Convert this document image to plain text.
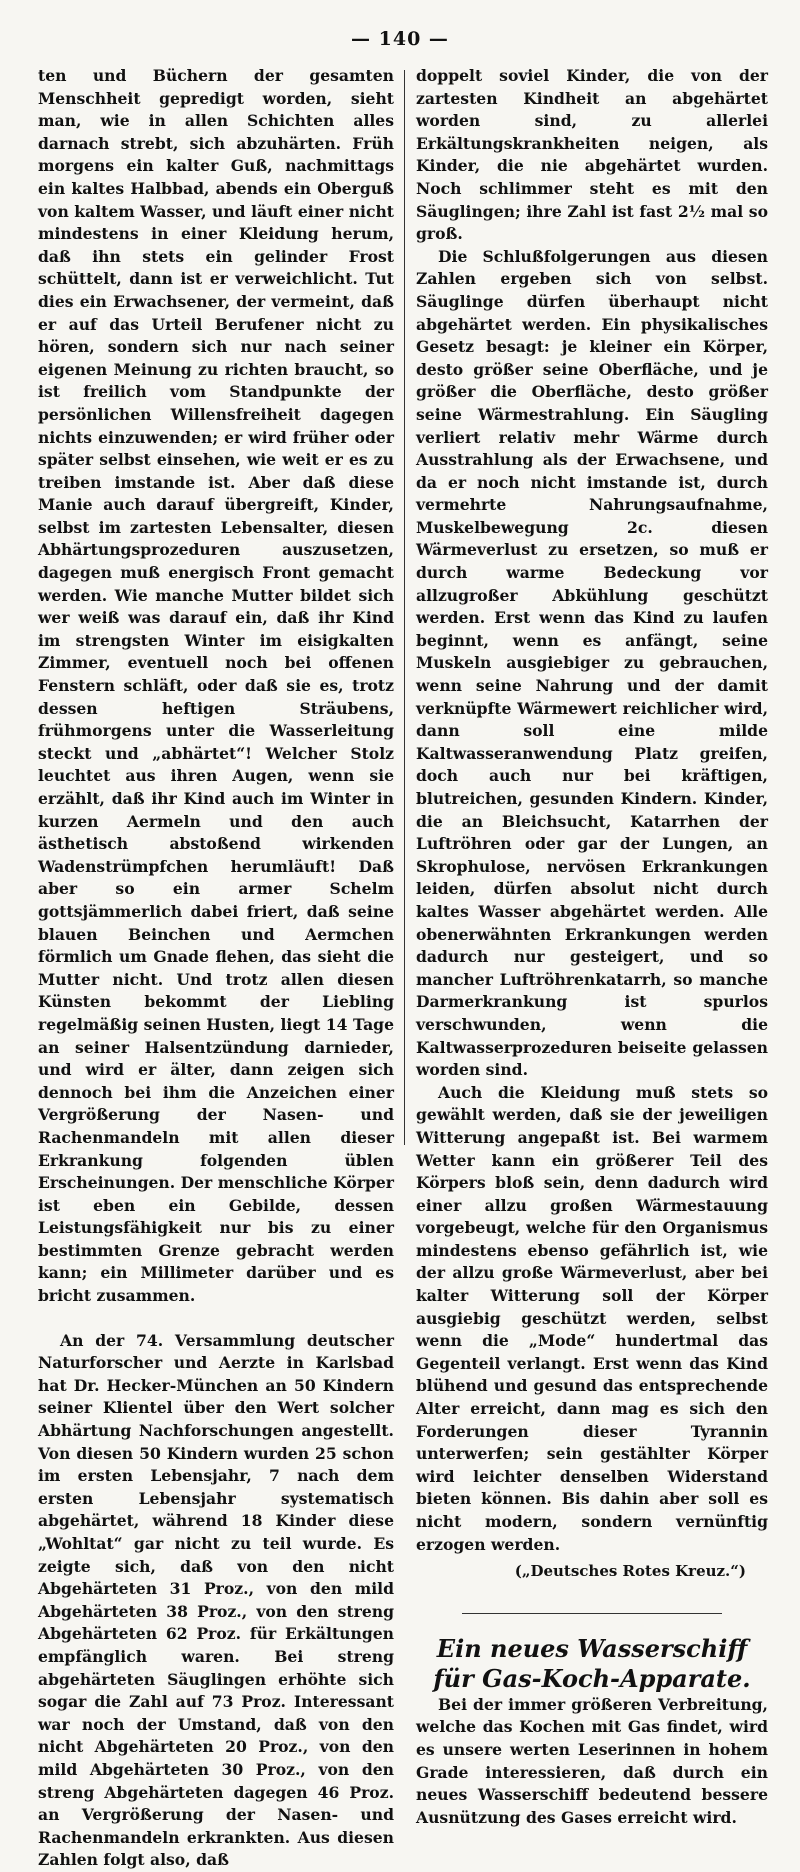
— 140 —

ten und Büchern der gesamten Menschheit gepredigt worden, sieht man, wie in allen Schichten alles darnach strebt, sich abzuhärten. Früh morgens ein kalter Guß, nachmittags ein kaltes Halbbad, abends ein Oberguß von kaltem Wasser, und läuft einer nicht mindestens in einer Kleidung herum, daß ihn stets ein gelinder Frost schüttelt, dann ist er verweichlicht. Tut dies ein Erwachsener, der vermeint, daß er auf das Urteil Berufener nicht zu hören, sondern sich nur nach seiner eigenen Meinung zu richten braucht, so ist freilich vom Standpunkte der persönlichen Willensfreiheit dagegen nichts einzuwenden; er wird früher oder später selbst einsehen, wie weit er es zu treiben imstande ist. Aber daß diese Manie auch darauf übergreift, Kinder, selbst im zartesten Lebensalter, diesen Abhärtungsprozeduren auszusetzen, dagegen muß energisch Front gemacht werden. Wie manche Mutter bildet sich wer weiß was darauf ein, daß ihr Kind im strengsten Winter im eisigkalten Zimmer, eventuell noch bei offenen Fenstern schläft, oder daß sie es, trotz dessen heftigen Sträubens, frühmorgens unter die Wasserleitung steckt und „abhärtet“! Welcher Stolz leuchtet aus ihren Augen, wenn sie erzählt, daß ihr Kind auch im Winter in kurzen Aermeln und den auch ästhetisch abstoßend wirkenden Wadenstrümpfchen herumläuft! Daß aber so ein armer Schelm gottsjämmerlich dabei friert, daß seine blauen Beinchen und Aermchen förmlich um Gnade flehen, das sieht die Mutter nicht. Und trotz allen diesen Künsten bekommt der Liebling regelmäßig seinen Husten, liegt 14 Tage an seiner Halsentzündung darnieder, und wird er älter, dann zeigen sich dennoch bei ihm die Anzeichen einer Vergrößerung der Nasen- und Rachenmandeln mit allen dieser Erkrankung folgenden üblen Erscheinungen. Der menschliche Körper ist eben ein Gebilde, dessen Leistungsfähigkeit nur bis zu einer bestimmten Grenze gebracht werden kann; ein Millimeter darüber und es bricht zusammen.

An der 74. Versammlung deutscher Naturforscher und Aerzte in Karlsbad hat Dr. Hecker-München an 50 Kindern seiner Klientel über den Wert solcher Abhärtung Nachforschungen angestellt. Von diesen 50 Kindern wurden 25 schon im ersten Lebensjahr, 7 nach dem ersten Lebensjahr systematisch abgehärtet, während 18 Kinder diese „Wohltat“ gar nicht zu teil wurde. Es zeigte sich, daß von den nicht Abgehärteten 31 Proz., von den mild Abgehärteten 38 Proz., von den streng Abgehärteten 62 Proz. für Erkältungen empfänglich waren. Bei streng abgehärteten Säuglingen erhöhte sich sogar die Zahl auf 73 Proz. Interessant war noch der Umstand, daß von den nicht Abgehärteten 20 Proz., von den mild Abgehärteten 30 Proz., von den streng Abgehärteten dagegen 46 Proz. an Vergrößerung der Nasen- und Rachenmandeln erkrankten. Aus diesen Zahlen folgt also, daß

doppelt soviel Kinder, die von der zartesten Kindheit an abgehärtet worden sind, zu allerlei Erkältungskrankheiten neigen, als Kinder, die nie abgehärtet wurden. Noch schlimmer steht es mit den Säuglingen; ihre Zahl ist fast 2½ mal so groß.

Die Schlußfolgerungen aus diesen Zahlen ergeben sich von selbst. Säuglinge dürfen überhaupt nicht abgehärtet werden. Ein physikalisches Gesetz besagt: je kleiner ein Körper, desto größer seine Oberfläche, und je größer die Oberfläche, desto größer seine Wärmestrahlung. Ein Säugling verliert relativ mehr Wärme durch Ausstrahlung als der Erwachsene, und da er noch nicht imstande ist, durch vermehrte Nahrungsaufnahme, Muskelbewegung 2c. diesen Wärmeverlust zu ersetzen, so muß er durch warme Bedeckung vor allzugroßer Abkühlung geschützt werden. Erst wenn das Kind zu laufen beginnt, wenn es anfängt, seine Muskeln ausgiebiger zu gebrauchen, wenn seine Nahrung und der damit verknüpfte Wärmewert reichlicher wird, dann soll eine milde Kaltwasseranwendung Platz greifen, doch auch nur bei kräftigen, blutreichen, gesunden Kindern. Kinder, die an Bleichsucht, Katarrhen der Luftröhren oder gar der Lungen, an Skrophulose, nervösen Erkrankungen leiden, dürfen absolut nicht durch kaltes Wasser abgehärtet werden. Alle obenerwähnten Erkrankungen werden dadurch nur gesteigert, und so mancher Luftröhrenkatarrh, so manche Darmerkrankung ist spurlos verschwunden, wenn die Kaltwasserprozeduren beiseite gelassen worden sind.

Auch die Kleidung muß stets so gewählt werden, daß sie der jeweiligen Witterung angepaßt ist. Bei warmem Wetter kann ein größerer Teil des Körpers bloß sein, denn dadurch wird einer allzu großen Wärmestauung vorgebeugt, welche für den Organismus mindestens ebenso gefährlich ist, wie der allzu große Wärmeverlust, aber bei kalter Witterung soll der Körper ausgiebig geschützt werden, selbst wenn die „Mode“ hundertmal das Gegenteil verlangt. Erst wenn das Kind blühend und gesund das entsprechende Alter erreicht, dann mag es sich den Forderungen dieser Tyrannin unterwerfen; sein gestählter Körper wird leichter denselben Widerstand bieten können. Bis dahin aber soll es nicht modern, sondern vernünftig erzogen werden.

(„Deutsches Rotes Kreuz.“)

Ein neues Wasserschiff für Gas-Koch-Apparate.

Bei der immer größeren Verbreitung, welche das Kochen mit Gas findet, wird es unsere werten Leserinnen in hohem Grade interessieren, daß durch ein neues Wasserschiff bedeutend bessere Ausnützung des Gases erreicht wird.
